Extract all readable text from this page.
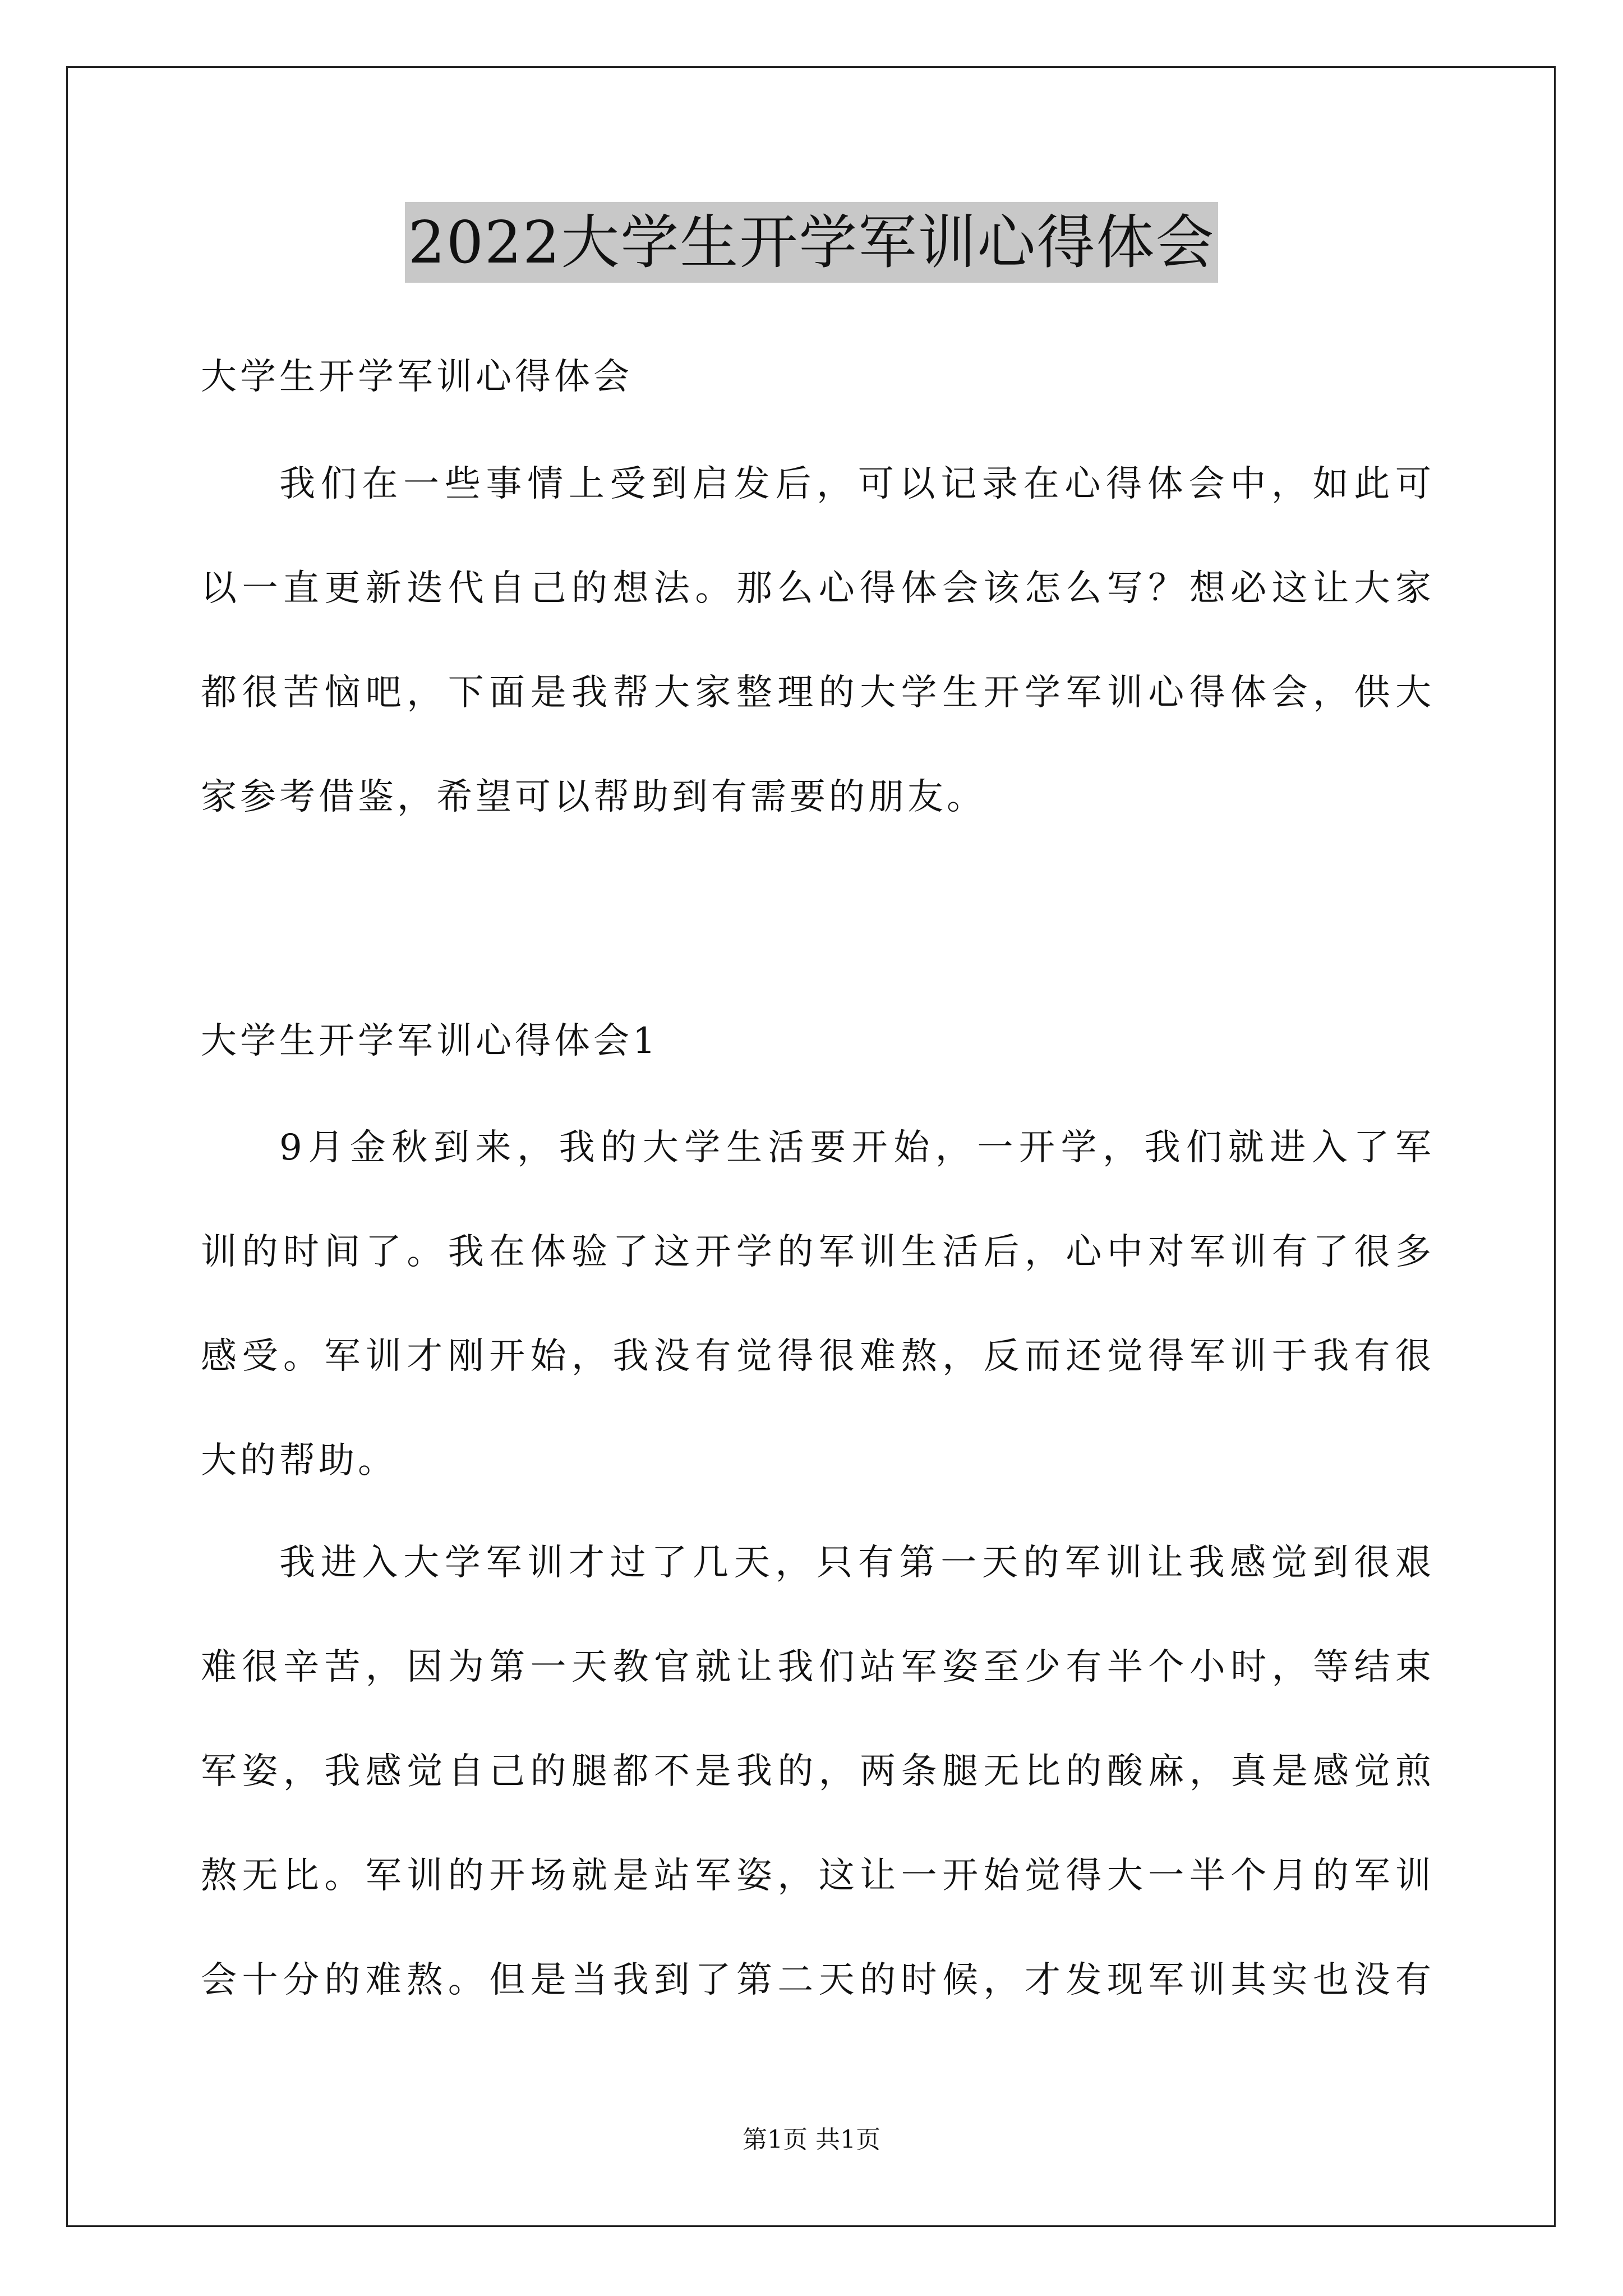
2022大学生开学军训心得体会
大学生开学军训心得体会
我们在一些事情上受到启发后，可以记录在心得体会中，如此可
以一直更新迭代自己的想法。那么心得体会该怎么写？想必这让大家
都很苦恼吧，下面是我帮大家整理的大学生开学军训心得体会，供大
家参考借鉴，希望可以帮助到有需要的朋友。
大学生开学军训心得体会1
9月金秋到来，我的大学生活要开始，一开学，我们就进入了军
训的时间了。我在体验了这开学的军训生活后，心中对军训有了很多
感受。军训才刚开始，我没有觉得很难熬，反而还觉得军训于我有很
大的帮助。
我进入大学军训才过了几天，只有第一天的军训让我感觉到很艰
难很辛苦，因为第一天教官就让我们站军姿至少有半个小时，等结束
军姿，我感觉自己的腿都不是我的，两条腿无比的酸麻，真是感觉煎
熬无比。军训的开场就是站军姿，这让一开始觉得大一半个月的军训
会十分的难熬。但是当我到了第二天的时候，才发现军训其实也没有
第1页 共1页
